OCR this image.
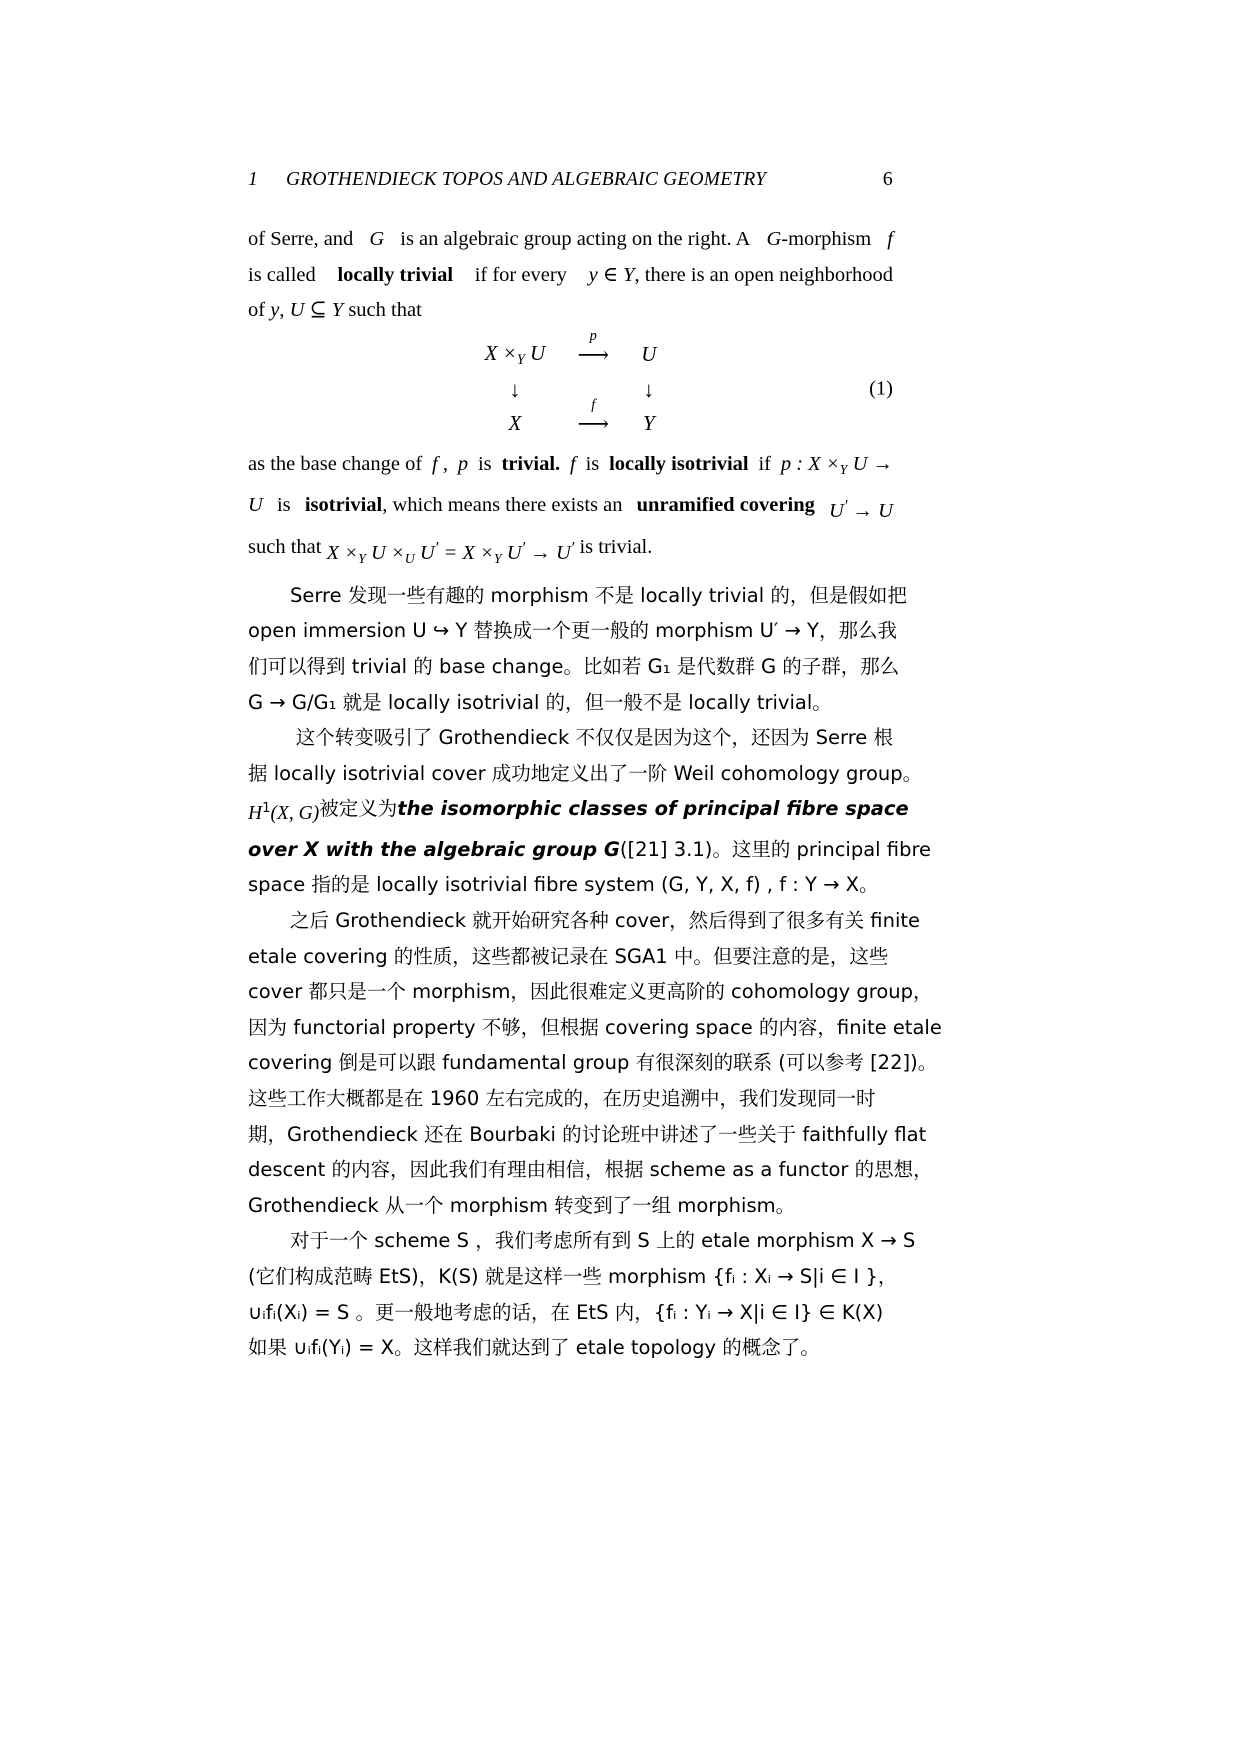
1	GROTHENDIECK TOPOS AND ALGEBRAIC GEOMETRY	6
of Serre, and G is an algebraic group acting on the right. A G-morphism f
is called locally trivial if for every y ∈ Y, there is an open neighborhood
of
y,
U ⊆ Y
such that
$X \times_Y$ U
p
⟶ U
↓	↓
X
f
⟶ Y
(1)
as the base change of f , p is trivial. f is locally isotrivial if p : $X \times_Y$ U →
U is isotrivial, which means there exists an unramified covering U′ → U
such that
$X \times_Y$ $U \times_U$ $U' = X \times_Y$ U′ → U′
is trivial.
Serre 发现一些有趣的 morphism 不是 locally trivial 的，但是假如把
open immersion U ↪ Y 替换成一个更一般的 morphism U′ → Y，那么我
们可以得到 trivial 的 base change。比如若 G₁ 是代数群 G 的子群，那么
G → G/G₁ 就是 locally isotrivial 的，但一般不是 locally trivial。
这个转变吸引了 Grothendieck 不仅仅是因为这个，还因为 Serre 根
据 locally isotrivial cover 成功地定义出了一阶 Weil cohomology group。
$H^1(X$, G) 被定义为 the isomorphic classes of principal fibre space
over X with the algebraic group G ([21] 3.1)。这里的 principal fibre
space 指的是 locally isotrivial fibre system (G, Y, X, f) , f : Y → X。
之后 Grothendieck 就开始研究各种 cover，然后得到了很多有关 finite
etale covering 的性质，这些都被记录在 SGA1 中。但要注意的是，这些
cover 都只是一个 morphism，因此很难定义更高阶的 cohomology group，
因为 functorial property 不够，但根据 covering space 的内容，finite etale
covering 倒是可以跟 fundamental group 有很深刻的联系 (可以参考 [22])。
这些工作大概都是在 1960 左右完成的，在历史追溯中，我们发现同一时
期，Grothendieck 还在 Bourbaki 的讨论班中讲述了一些关于 faithfully flat
descent 的内容，因此我们有理由相信，根据 scheme as a functor 的思想，
Grothendieck 从一个 morphism 转变到了一组 morphism。
对于一个 scheme S ，我们考虑所有到 S 上的 etale morphism X → S
(它们构成范畴 EtS)，K(S) 就是这样一些 morphism {fᵢ : Xᵢ → S|i ∈ I }，
∪ᵢfᵢ(Xᵢ) = S 。更一般地考虑的话，在 EtS 内，{fᵢ : Yᵢ → X|i ∈ I} ∈ K(X)
如果 ∪ᵢfᵢ(Yᵢ) = X。这样我们就达到了 etale topology 的概念了。
